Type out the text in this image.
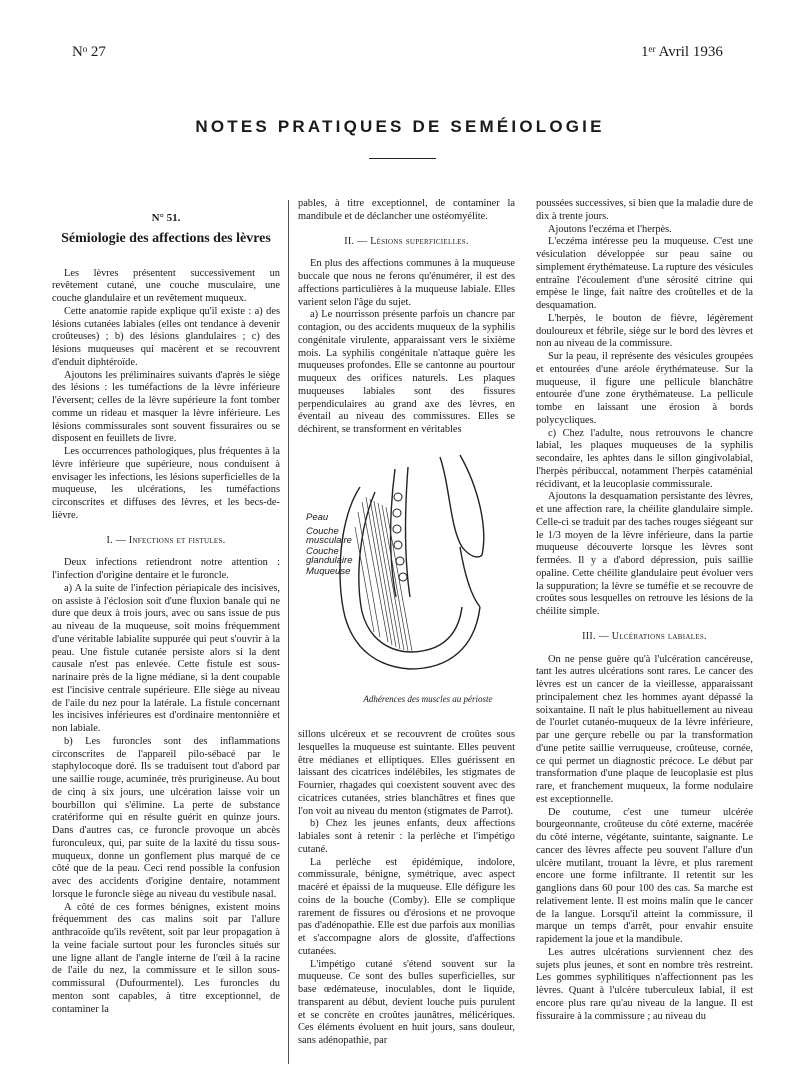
Nᵒ 27	1ᵉʳ Avril 1936
NOTES PRATIQUES DE SEMÉIOLOGIE
N° 51.
Sémiologie des affections des lèvres

Les lèvres présentent successivement un revêtement cutané, une couche musculaire, une couche glandulaire et un revêtement muqueux.

Cette anatomie rapide explique qu'il existe : a) des lésions cutanées labiales (elles ont tendance à devenir croûteuses) ; b) des lésions glandulaires ; c) des lésions muqueuses qui macèrent et se recouvrent d'enduit diphtéroïde.

Ajoutons les préliminaires suivants d'après le siège des lésions : les tuméfactions de la lèvre inférieure l'éversent; celles de la lèvre supérieure la font tomber comme un rideau et masquer la lèvre inférieure. Les lésions commissurales sont souvent fissuraires ou se disposent en feuillets de livre.

Les occurrences pathologiques, plus fréquentes à la lèvre inférieure que supérieure, nous conduisent à envisager les infections, les lésions superficielles de la muqueuse, les ulcérations, les tuméfactions circonscrites et diffuses des lèvres, et les becs-de-lièvre.

I. — Infections et fistules.

Deux infections retiendront notre attention : l'infection d'origine dentaire et le furoncle.

a) A la suite de l'infection périapicale des incisives, on assiste à l'éclosion soit d'une fluxion banale qui ne dure que deux à trois jours, avec ou sans issue de pus au niveau de la muqueuse, soit moins fréquemment d'une véritable labialite suppurée qui peut s'ouvrir à la peau. Une fistule cutanée persiste alors si la dent causale n'est pas enlevée. Cette fistule est sous-narinaire près de la ligne médiane, si la dent coupable est l'incisive centrale supérieure. Elle siège au niveau de l'aile du nez pour la latérale. La fistule concernant les incisives inférieures est d'ordinaire mentonnière et non labiale.

b) Les furoncles sont des inflammations circonscrites de l'appareil pilo-sébacé par le staphylocoque doré. Ils se traduisent tout d'abord par une saillie rouge, acuminée, très prurigineuse. Au bout de cinq à six jours, une ulcération laisse voir un bourbillon qui s'élimine. La perte de substance cratériforme qui en résulte guérit en quinze jours. Dans d'autres cas, ce furoncle provoque un abcès furonculeux, qui, par suite de la laxité du tissu sous-muqueux, donne un gonflement plus marqué de ce côté que de la peau. Ceci rend possible la confusion avec des accidents d'origine dentaire, notamment lorsque le furoncle siège au niveau du vestibule nasal.

A côté de ces formes bénignes, existent moins fréquemment des cas malins soit par l'allure anthracoïde qu'ils revêtent, soit par leur propagation à la veine faciale surtout pour les furoncles situés sur une ligne allant de l'angle interne de l'œil à la racine de l'aile du nez, la commissure et le sillon sous-commissural (Dufourmentel). Les furoncles du menton sont capables, à titre exceptionnel, de contaminer la

pables, à titre exceptionnel, de contaminer la mandibule et de déclancher une ostéomyélite.

II. — Lésions superficielles.

En plus des affections communes à la muqueuse buccale que nous ne ferons qu'énumérer, il est des affections particulières à la muqueuse labiale. Elles varient selon l'âge du sujet.

a) Le nourrisson présente parfois un chancre par contagion, ou des accidents muqueux de la syphilis congénitale virulente, apparaissant vers le sixième mois. La syphilis congénitale n'attaque guère les muqueuses profondes. Elle se cantonne au pourtour muqueux des orifices naturels. Les plaques muqueuses labiales sont des fissures perpendiculaires au grand axe des lèvres, en éventail au niveau des commissures. Elles se déchirent, se transforment en véritables

Peau
Couche musculaire
Couche glandulaire
Muqueuse
Adhérences des muscles au périoste

sillons ulcéreux et se recouvrent de croûtes sous lesquelles la muqueuse est suintante. Elles peuvent être médianes et elliptiques. Elles guérissent en laissant des cicatrices indélébiles, les stigmates de Fournier, rhagades qui coexistent souvent avec des cicatrices cutanées, stries blanchâtres et fines que l'on voit au niveau du menton (stigmates de Parrot).

b) Chez les jeunes enfants, deux affections labiales sont à retenir : la perlèche et l'impétigo cutané.

La perlèche est épidémique, indolore, commissurale, bénigne, symétrique, avec aspect macéré et épaissi de la muqueuse. Elle défigure les coins de la bouche (Comby). Elle se complique rarement de fissures ou d'érosions et ne provoque pas d'adénopathie. Elle est due parfois aux monilias et s'accompagne alors de glossite, d'affections cutanées.

L'impétigo cutané s'étend souvent sur la muqueuse. Ce sont des bulles superficielles, sur base œdémateuse, inoculables, dont le liquide, transparent au début, devient louche puis purulent et se concrète en croûtes jaunâtres, mélicériques. Ces éléments évoluent en huit jours, sans douleur, sans adénopathie, par

poussées successives, si bien que la maladie dure de dix à trente jours.

Ajoutons l'eczéma et l'herpès.

L'eczéma intéresse peu la muqueuse. C'est une vésiculation développée sur peau saine ou simplement érythémateuse. La rupture des vésicules entraîne l'écoulement d'une sérosité citrine qui empèse le linge, fait naître des croûtelles et de la desquamation.

L'herpès, le bouton de fièvre, légèrement douloureux et fébrile, siège sur le bord des lèvres et non au niveau de la commissure.

Sur la peau, il représente des vésicules groupées et entourées d'une aréole érythémateuse. Sur la muqueuse, il figure une pellicule blanchâtre entourée d'une zone érythémateuse. La pellicule tombe en laissant une érosion à bords polycycliques.

c) Chez l'adulte, nous retrouvons le chancre labial, les plaques muqueuses de la syphilis secondaire, les aphtes dans le sillon gingivolabial, l'herpès péribuccal, notamment l'herpès cataménial récidivant, et la leucoplasie commissurale.

Ajoutons la desquamation persistante des lèvres, et une affection rare, la chéilite glandulaire simple. Celle-ci se traduit par des taches rouges siégeant sur le 1/3 moyen de la lèvre inférieure, dans la partie muqueuse découverte lorsque les lèvres sont fermées. Il y a d'abord dépression, puis saillie opaline. Cette chéilite glandulaire peut évoluer vers la suppuration; la lèvre se tuméfie et se recouvre de croûtes sous lesquelles on retrouve les lésions de la chéilite simple.

III. — Ulcérations labiales.

On ne pense guère qu'à l'ulcération cancéreuse, tant les autres ulcérations sont rares. Le cancer des lèvres est un cancer de la vieillesse, apparaissant principalement chez les hommes ayant dépassé la soixantaine. Il naît le plus habituellement au niveau de l'ourlet cutanéo-muqueux de la lèvre inférieure, par une gerçure rebelle ou par la transformation d'une petite saillie verruqueuse, croûteuse, cornée, ce qui permet un diagnostic précoce. Le début par transformation d'une plaque de leucoplasie est plus rare, et franchement muqueux, la forme nodulaire est exceptionnelle.

De coutume, c'est une tumeur ulcérée bourgeonnante, croûteuse du côté externe, macérée du côté interne, végétante, suintante, saignante. Le cancer des lèvres affecte peu souvent l'allure d'un ulcère mutilant, trouant la lèvre, et plus rarement encore une forme infiltrante. Il retentit sur les ganglions dans 60 pour 100 des cas. Sa marche est relativement lente. Il est moins malin que le cancer de la langue. Lorsqu'il atteint la commissure, il marque un temps d'arrêt, pour envahir ensuite rapidement la joue et la mandibule.

Les autres ulcérations surviennent chez des sujets plus jeunes, et sont en nombre très restreint. Les gommes syphilitiques n'affectionnent pas les lèvres. Quant à l'ulcère tuberculeux labial, il est encore plus rare qu'au niveau de la langue. Il est fissuraire à la commissure ; au niveau du
